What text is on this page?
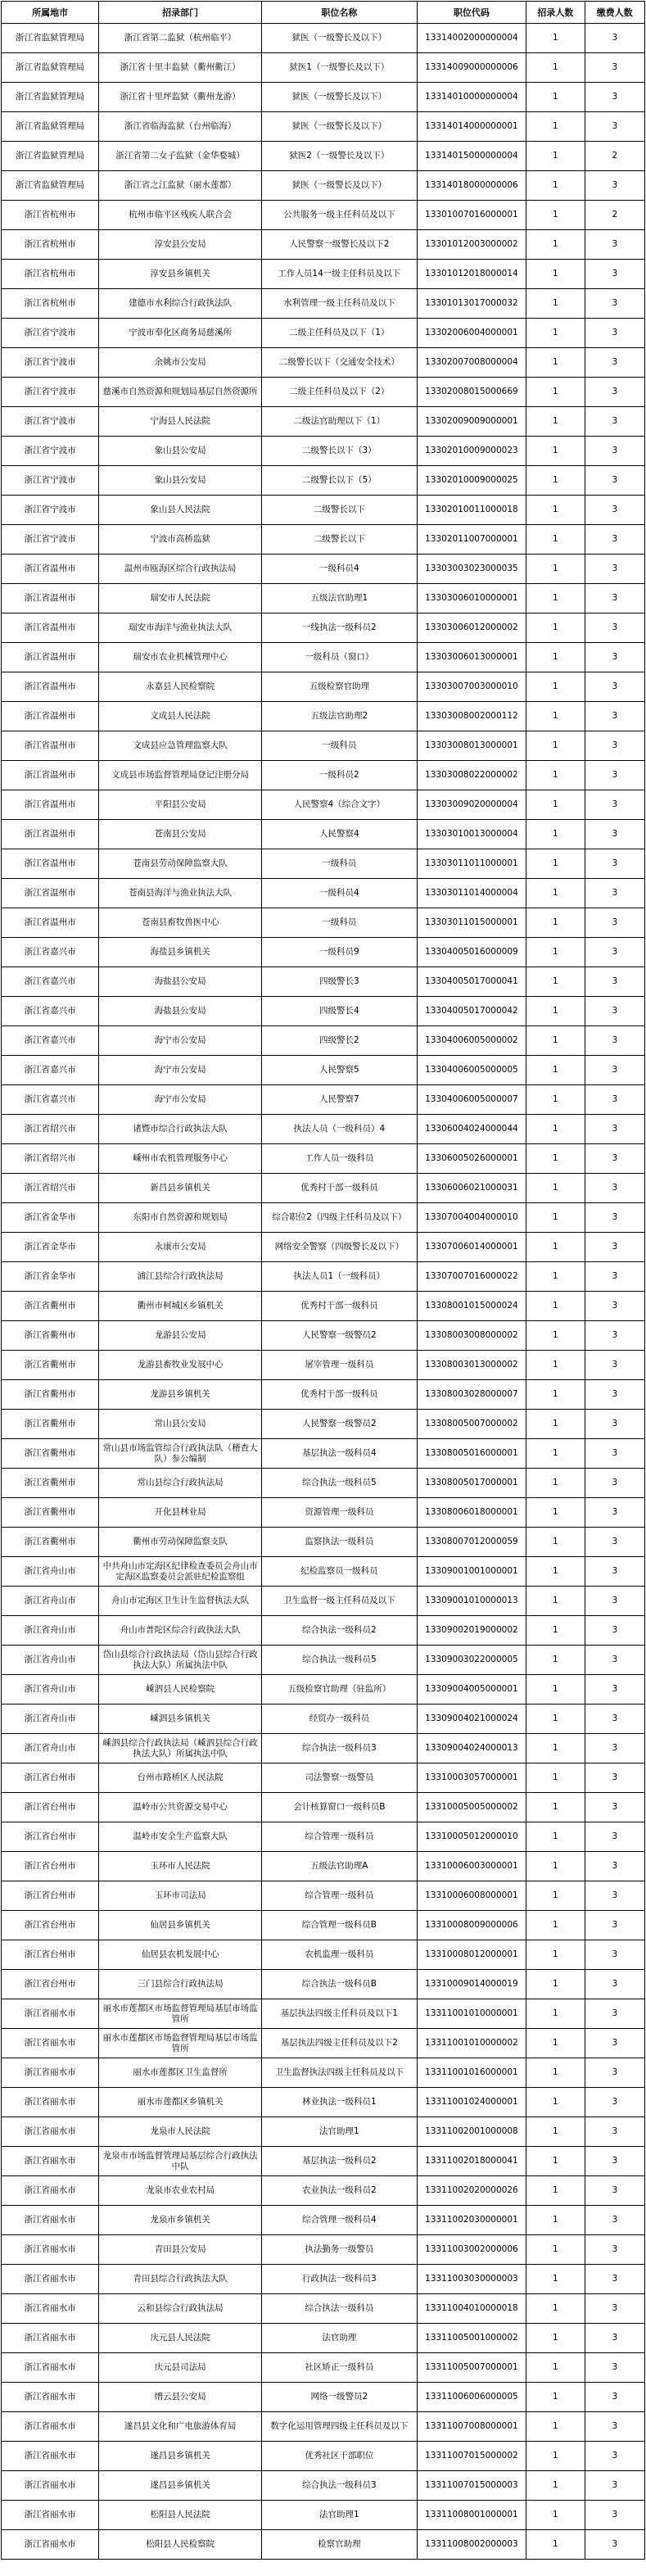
所属地市	招录部门	职位名称	职位代码	招录人数	缴费人数
浙江省监狱管理局	浙江省第二监狱（杭州临平）	狱医（一级警长及以下）	13314002000000004	1	3
浙江省监狱管理局	浙江省十里丰监狱（衢州衢江）	狱医1（一级警长及以下）	13314009000000006	1	3
浙江省监狱管理局	浙江省十里坪监狱（衢州龙游）	狱医（一级警长及以下）	13314010000000004	1	3
浙江省监狱管理局	浙江省临海监狱（台州临海）	狱医（一级警长及以下）	13314014000000001	1	3
浙江省监狱管理局	浙江省第二女子监狱（金华婺城）	狱医2（一级警长及以下）	13314015000000004	1	2
浙江省监狱管理局	浙江省之江监狱（丽水莲都）	狱医（一级警长及以下）	13314018000000006	1	3
浙江省杭州市	杭州市临平区残疾人联合会	公共服务一级主任科员及以下	13301007016000001	1	2
浙江省杭州市	淳安县公安局	人民警察一级警长及以下2	13301012003000002	1	3
浙江省杭州市	淳安县乡镇机关	工作人员14一级主任科员及以下	13301012018000014	1	3
浙江省杭州市	建德市水利综合行政执法队	水利管理一级主任科员及以下	13301013017000032	1	3
浙江省宁波市	宁波市奉化区商务局慈溪所	二级主任科员及以下（1）	13302006004000001	1	3
浙江省宁波市	余姚市公安局	二级警长以下（交通安全技术）	13302007008000004	1	3
浙江省宁波市	慈溪市自然资源和规划局基层自然资源所	二级主任科员及以下（2）	13302008015000669	1	3
浙江省宁波市	宁海县人民法院	二级法官助理以下（1）	13302009009000001	1	3
浙江省宁波市	象山县公安局	二级警长以下（3）	13302010009000023	1	3
浙江省宁波市	象山县公安局	二级警长以下（5）	13302010009000025	1	3
浙江省宁波市	象山县人民法院	二级警长以下	13302010011000018	1	3
浙江省宁波市	宁波市高桥监狱	二级警长以下	13302011007000001	1	3
浙江省温州市	温州市瓯海区综合行政执法局	一级科员4	13303003023000035	1	3
浙江省温州市	瑞安市人民法院	五级法官助理1	13303006010000001	1	3
浙江省温州市	瑞安市海洋与渔业执法大队	一线执法一级科员2	13303006012000002	1	3
浙江省温州市	瑞安市农业机械管理中心	一级科员（窗口）	13303006013000001	1	3
浙江省温州市	永嘉县人民检察院	五级检察官助理	13303007003000010	1	3
浙江省温州市	文成县人民法院	五级法官助理2	13303008002000112	1	3
浙江省温州市	文成县应急管理监察大队	一级科员	13303008013000001	1	3
浙江省温州市	文成县市场监督管理局登记注册分局	一级科员2	13303008022000002	1	3
浙江省温州市	平阳县公安局	人民警察4（综合文字）	13303009020000004	1	3
浙江省温州市	苍南县公安局	人民警察4	13303010013000004	1	3
浙江省温州市	苍南县劳动保障监察大队	一级科员	13303011011000001	1	3
浙江省温州市	苍南县海洋与渔业执法大队	一级科员4	13303011014000004	1	3
浙江省温州市	苍南县畜牧兽医中心	一级科员	13303011015000001	1	3
浙江省嘉兴市	海盐县乡镇机关	一级科员9	13304005016000009	1	3
浙江省嘉兴市	海盐县公安局	四级警长3	13304005017000041	1	3
浙江省嘉兴市	海盐县公安局	四级警长4	13304005017000042	1	3
浙江省嘉兴市	海宁市公安局	四级警长2	13304006005000002	1	3
浙江省嘉兴市	海宁市公安局	人民警察5	13304006005000005	1	3
浙江省嘉兴市	海宁市公安局	人民警察7	13304006005000007	1	3
浙江省绍兴市	诸暨市综合行政执法大队	执法人员（一级科员）4	13306004024000044	1	3
浙江省绍兴市	嵊州市农机管理服务中心	工作人员一级科员	13306005026000001	1	3
浙江省绍兴市	新昌县乡镇机关	优秀村干部一级科员	13306006021000031	1	3
浙江省金华市	东阳市自然资源和规划局	综合职位2（四级主任科员及以下）	13307004004000010	1	3
浙江省金华市	永康市公安局	网络安全警察（四级警长及以下）	13307006014000001	1	3
浙江省金华市	浦江县综合行政执法局	执法人员1（一级科员）	13307007016000022	1	3
浙江省衢州市	衢州市柯城区乡镇机关	优秀村干部一级科员	13308001015000024	1	3
浙江省衢州市	龙游县公安局	人民警察一级警员2	13308003008000002	1	3
浙江省衢州市	龙游县畜牧业发展中心	屠宰管理一级科员	13308003013000002	1	3
浙江省衢州市	龙游县乡镇机关	优秀村干部一级科员	13308003028000007	1	3
浙江省衢州市	常山县公安局	人民警察一级警员2	13308005007000002	1	3
浙江省衢州市	常山县市场监管综合行政执法队（稽查大队）参公编制	基层执法一级科员4	13308005016000001	1	3
浙江省衢州市	常山县综合行政执法局	综合执法一级科员5	13308005017000001	1	3
浙江省衢州市	开化县林业局	资源管理一级科员	13308006018000001	1	3
浙江省衢州市	衢州市劳动保障监察支队	监察执法一级科员	13308007012000059	1	3
浙江省舟山市	中共舟山市定海区纪律检查委员会舟山市定海区监察委员会派驻纪检监察组	纪检监察员一级科员	13309001001000001	1	3
浙江省舟山市	舟山市定海区卫生计生监督执法大队	卫生监督一级主任科员及以下	13309001010000013	1	3
浙江省舟山市	舟山市普陀区综合行政执法大队	综合执法一级科员2	13309002019000002	1	3
浙江省舟山市	岱山县综合行政执法局（岱山县综合行政执法大队）所属执法中队	综合执法一级科员5	13309003022000005	1	3
浙江省舟山市	嵊泗县人民检察院	五级检察官助理（驻监所）	13309004005000001	1	3
浙江省舟山市	嵊泗县乡镇机关	经贸办一级科员	13309004021000024	1	3
浙江省舟山市	嵊泗县综合行政执法局（嵊泗县综合行政执法大队）所属执法中队	综合执法一级科员3	13309004024000013	1	3
浙江省台州市	台州市路桥区人民法院	司法警察一级警员	13310003057000001	1	3
浙江省台州市	温岭市公共资源交易中心	会计核算窗口一级科员B	13310005005000002	1	3
浙江省台州市	温岭市安全生产监察大队	综合管理一级科员	13310005012000010	1	3
浙江省台州市	玉环市人民法院	五级法官助理A	13310006003000001	1	3
浙江省台州市	玉环市司法局	综合管理一级科员	13310006008000001	1	3
浙江省台州市	仙居县乡镇机关	综合管理一级科员B	13310008009000006	1	3
浙江省台州市	仙居县农机发展中心	农机监理一级科员	13310008012000001	1	3
浙江省台州市	三门县综合行政执法局	综合执法一级科员B	13310009014000019	1	3
浙江省丽水市	丽水市莲都区市场监督管理局基层市场监管所	基层执法四级主任科员及以下1	13311001010000001	1	3
浙江省丽水市	丽水市莲都区市场监督管理局基层市场监管所	基层执法四级主任科员及以下2	13311001010000002	1	3
浙江省丽水市	丽水市莲都区卫生监督所	卫生监督执法四级主任科员及以下	13311001016000001	1	3
浙江省丽水市	丽水市莲都区乡镇机关	林业执法一级科员1	13311001024000001	1	3
浙江省丽水市	龙泉市人民法院	法官助理1	13311002001000008	1	3
浙江省丽水市	龙泉市市场监督管理局基层综合行政执法中队	基层执法一级科员2	13311002018000041	1	3
浙江省丽水市	龙泉市农业农村局	农业执法一级科员2	13311002020000026	1	3
浙江省丽水市	龙泉市乡镇机关	综合管理一级科员4	13311002030000001	1	3
浙江省丽水市	青田县公安局	执法勤务一级警员	13311003002000006	1	3
浙江省丽水市	青田县综合行政执法大队	行政执法一级科员3	13311003030000003	1	3
浙江省丽水市	云和县综合行政执法局	综合执法一级科员	13311004010000018	1	3
浙江省丽水市	庆元县人民法院	法官助理	13311005001000002	1	3
浙江省丽水市	庆元县司法局	社区矫正一级科员	13311005007000001	1	3
浙江省丽水市	缙云县公安局	网络一级警员2	13311006006000005	1	3
浙江省丽水市	遂昌县文化和广电旅游体育局	数字化运用管理四级主任科员及以下	13311007008000001	1	3
浙江省丽水市	遂昌县乡镇机关	优秀社区干部职位	13311007015000002	1	3
浙江省丽水市	遂昌县乡镇机关	综合执法一级科员3	13311007015000003	1	3
浙江省丽水市	松阳县人民法院	法官助理1	13311008001000001	1	3
浙江省丽水市	松阳县人民检察院	检察官助理	13311008002000003	1	3
